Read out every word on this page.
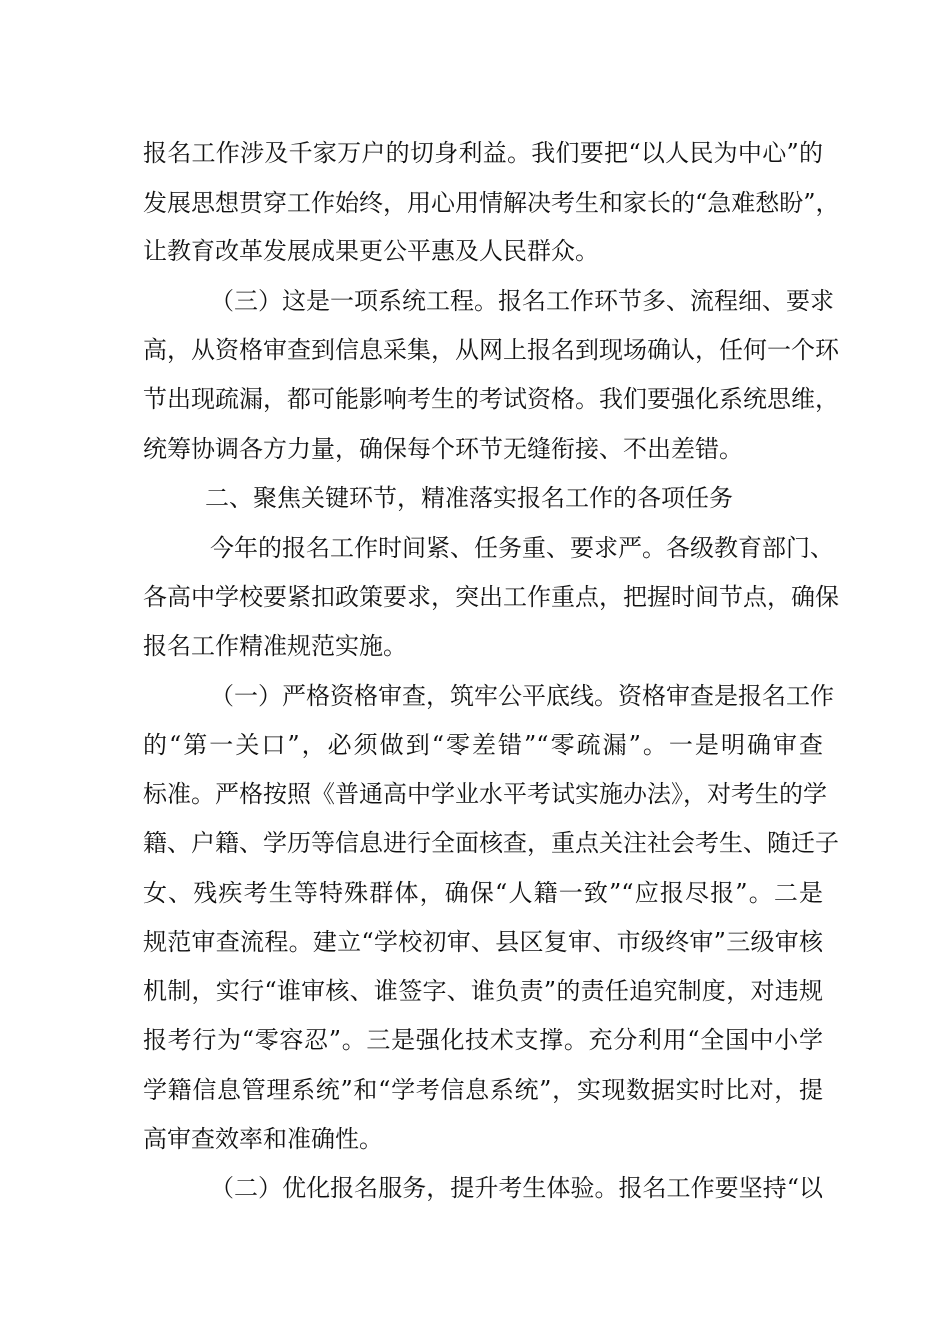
报名工作涉及千家万户的切身利益。我们要把“以人民为中心”的
发展思想贯穿工作始终，用心用情解决考生和家长的“急难愁盼”，
让教育改革发展成果更公平惠及人民群众。
（三）这是一项系统工程。报名工作环节多、流程细、要求
高，从资格审查到信息采集，从网上报名到现场确认，任何一个环
节出现疏漏，都可能影响考生的考试资格。我们要强化系统思维，
统筹协调各方力量，确保每个环节无缝衔接、不出差错。
二、聚焦关键环节，精准落实报名工作的各项任务
今年的报名工作时间紧、任务重、要求严。各级教育部门、
各高中学校要紧扣政策要求，突出工作重点，把握时间节点，确保
报名工作精准规范实施。
（一）严格资格审查，筑牢公平底线。资格审查是报名工作
的“第一关口”，必须做到“零差错”“零疏漏”。一是明确审查
标准。严格按照《普通高中学业水平考试实施办法》，对考生的学
籍、户籍、学历等信息进行全面核查，重点关注社会考生、随迁子
女、残疾考生等特殊群体，确保“人籍一致”“应报尽报”。二是
规范审查流程。建立“学校初审、县区复审、市级终审”三级审核
机制，实行“谁审核、谁签字、谁负责”的责任追究制度，对违规
报考行为“零容忍”。三是强化技术支撑。充分利用“全国中小学
学籍信息管理系统”和“学考信息系统”，实现数据实时比对，提
高审查效率和准确性。
（二）优化报名服务，提升考生体验。报名工作要坚持“以
